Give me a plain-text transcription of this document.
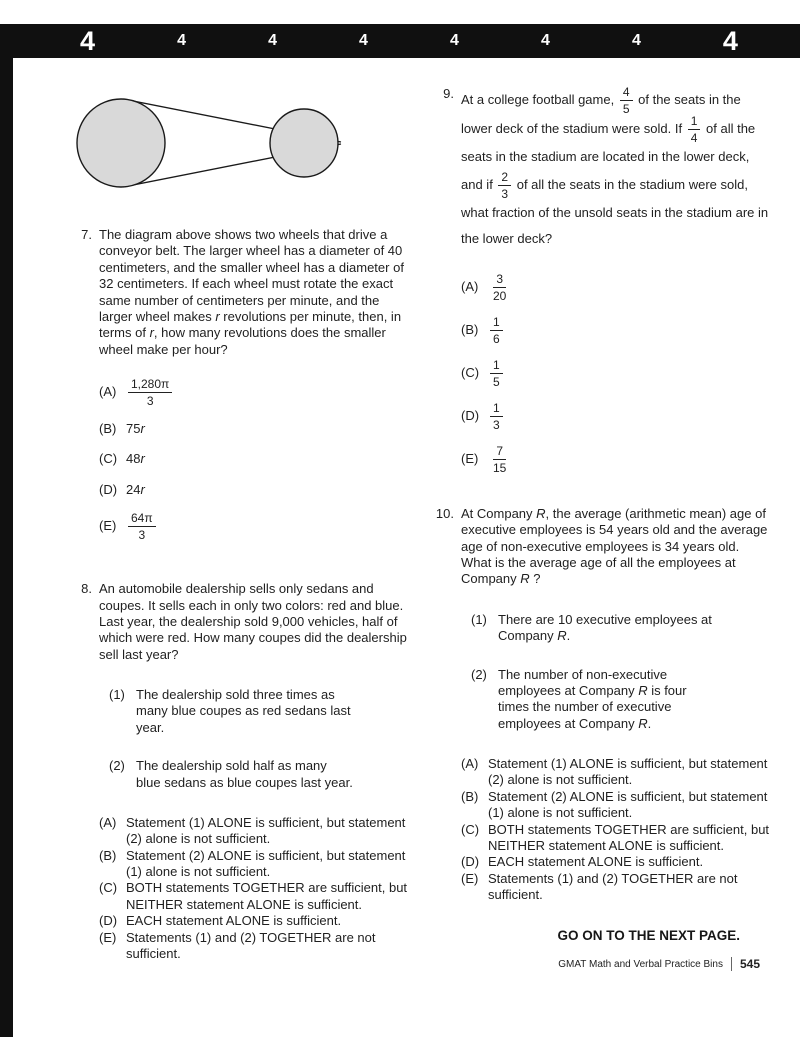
4	4	4	4	4	4	4	4
7. The diagram above shows two wheels that drive a conveyor belt. The larger wheel has a diameter of 40 centimeters, and the smaller wheel has a diameter of 32 centimeters. If each wheel must rotate the exact same number of centimeters per minute, and the larger wheel makes r revolutions per minute, then, in terms of r, how many revolutions does the smaller wheel make per hour?

$(A) \frac{1,280\pi}{3}$
(B) 75r
(C) 48r
(D) 24r
$(E) \frac{64\pi}{3}$
8. An automobile dealership sells only sedans and coupes. It sells each in only two colors: red and blue. Last year, the dealership sold 9,000 vehicles, half of which were red. How many coupes did the dealership sell last year?

(1) The dealership sold three times as many blue coupes as red sedans last year.
(2) The dealership sold half as many blue sedans as blue coupes last year.
(A) Statement (1) ALONE is sufficient, but statement (2) alone is not sufficient.
(B) Statement (2) ALONE is sufficient, but statement (1) alone is not sufficient.
(C) BOTH statements TOGETHER are sufficient, but NEITHER statement ALONE is sufficient.
(D) EACH statement ALONE is sufficient.
(E) Statements (1) and (2) TOGETHER are not sufficient.
9. At a college football game, $\frac{4}{5}$ of the seats in the lower deck of the stadium were sold. If $\frac{1}{4}$ of all the seats in the stadium are located in the lower deck, and if $\frac{2}{3}$ of all the seats in the stadium were sold, what fraction of the unsold seats in the stadium are in the lower deck?

$(A) \frac{3}{20}$
$(B) \frac{1}{6}$
$(C) \frac{1}{5}$
$(D) \frac{1}{3}$
$(E) \frac{7}{15}$
10. At Company R, the average (arithmetic mean) age of executive employees is 54 years old and the average age of non-executive employees is 34 years old. What is the average age of all the employees at Company R ?

(1) There are 10 executive employees at Company R.
(2) The number of non-executive employees at Company R is four times the number of executive employees at Company R.
(A) Statement (1) ALONE is sufficient, but statement (2) alone is not sufficient.
(B) Statement (2) ALONE is sufficient, but statement (1) alone is not sufficient.
(C) BOTH statements TOGETHER are sufficient, but NEITHER statement ALONE is sufficient.
(D) EACH statement ALONE is sufficient.
(E) Statements (1) and (2) TOGETHER are not sufficient.
GO ON TO THE NEXT PAGE.
GMAT Math and Verbal Practice Bins	545
